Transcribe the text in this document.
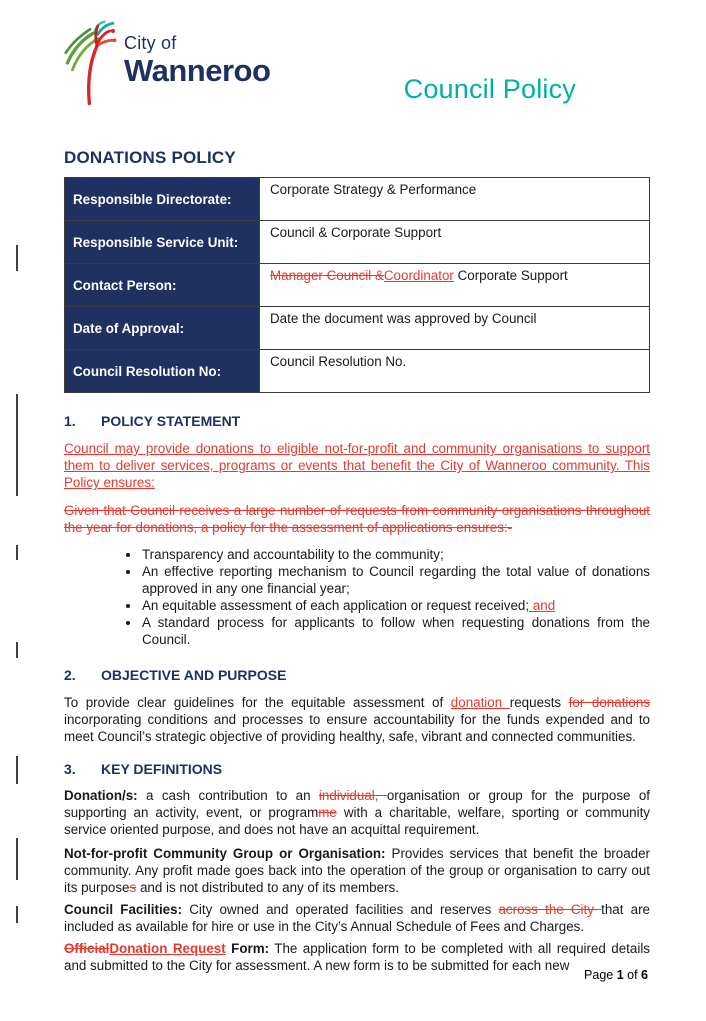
City of
Wanneroo
Council Policy
DONATIONS POLICY
Responsible Directorate:	Corporate Strategy & Performance
Responsible Service Unit:	Council & Corporate Support
Contact Person:	Manager Council &Coordinator Corporate Support
Date of Approval:	Date the document was approved by Council
Council Resolution No:	Council Resolution No.
1.	POLICY STATEMENT

Council may provide donations to eligible not-for-profit and community organisations to support them to deliver services, programs or events that benefit the City of Wanneroo community. This Policy ensures:

Given that Council receives a large number of requests from community organisations throughout the year for donations, a policy for the assessment of applications ensures:-

• Transparency and accountability to the community;
• An effective reporting mechanism to Council regarding the total value of donations approved in any one financial year;
• An equitable assessment of each application or request received; and
• A standard process for applicants to follow when requesting donations from the Council.
2.	OBJECTIVE AND PURPOSE

To provide clear guidelines for the equitable assessment of donation requests for donations incorporating conditions and processes to ensure accountability for the funds expended and to meet Council’s strategic objective of providing healthy, safe, vibrant and connected communities.

3.	KEY DEFINITIONS

Donation/s: a cash contribution to an individual, organisation or group for the purpose of supporting an activity, event, or programme with a charitable, welfare, sporting or community service oriented purpose, and does not have an acquittal requirement.

Not-for-profit Community Group or Organisation: Provides services that benefit the broader community. Any profit made goes back into the operation of the group or organisation to carry out its purposes and is not distributed to any of its members.

Council Facilities: City owned and operated facilities and reserves across the City that are included as available for hire or use in the City’s Annual Schedule of Fees and Charges.

OfficialDonation Request Form: The application form to be completed with all required details and submitted to the City for assessment. A new form is to be submitted for each new

Page 1 of 6
